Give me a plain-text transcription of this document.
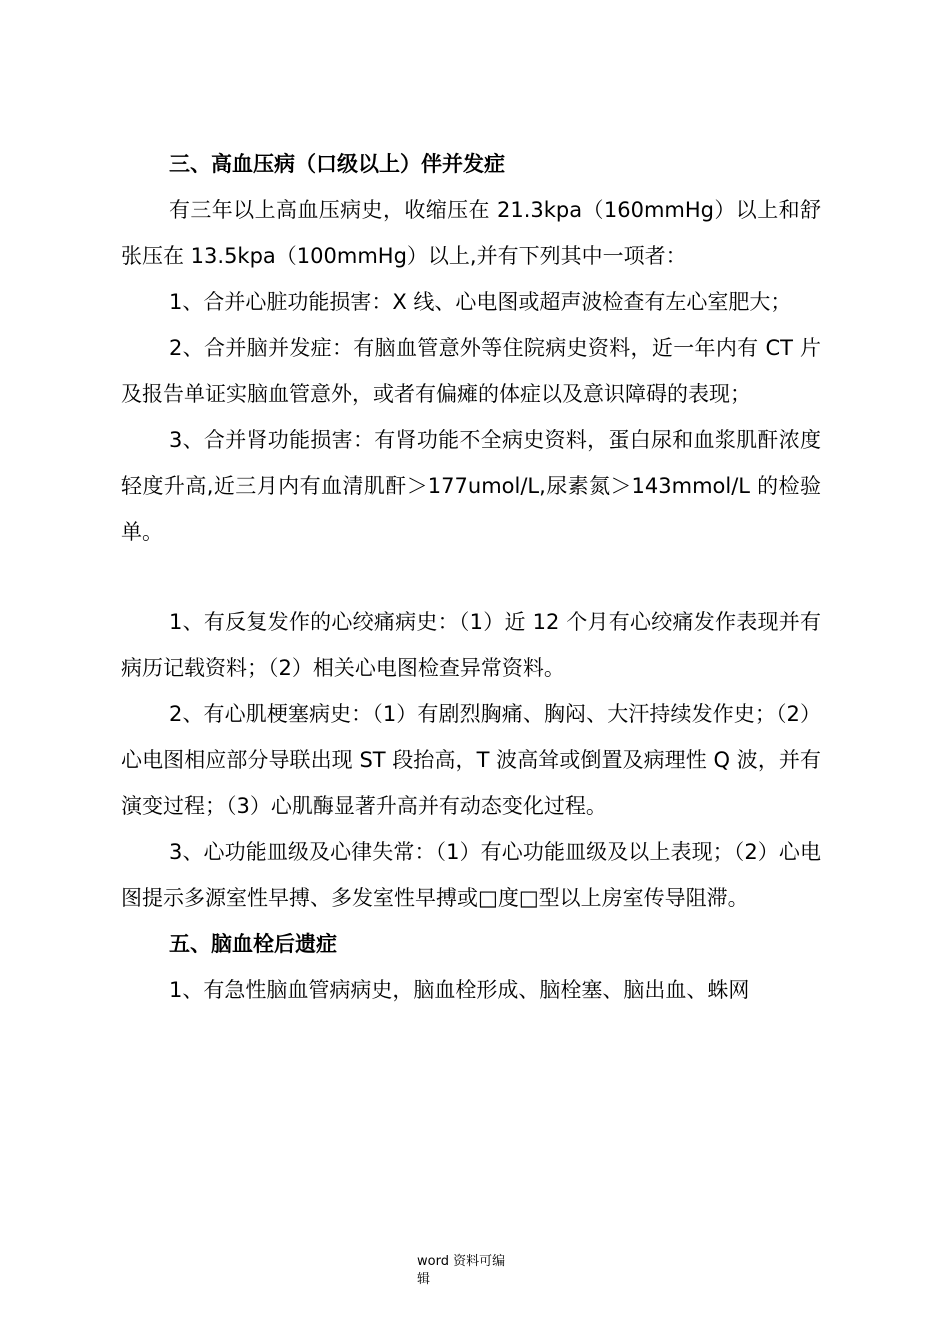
三、高血压病（口级以上）伴并发症

有三年以上高血压病史，收缩压在 21.3kpa（160mmHg）以上和舒张压在 13.5kpa（100mmHg）以上,并有下列其中一项者：

1、合并心脏功能损害：X 线、心电图或超声波检查有左心室肥大；

2、合并脑并发症：有脑血管意外等住院病史资料，近一年内有 CT 片及报告单证实脑血管意外，或者有偏瘫的体症以及意识障碍的表现；

3、合并肾功能损害：有肾功能不全病史资料，蛋白尿和血浆肌酐浓度轻度升高,近三月内有血清肌酐＞177umol/L,尿素氮＞143mmol/L 的检验单。

1、有反复发作的心绞痛病史：（1）近 12 个月有心绞痛发作表现并有病历记载资料；（2）相关心电图检查异常资料。

2、有心肌梗塞病史：（1）有剧烈胸痛、胸闷、大汗持续发作史；（2）心电图相应部分导联出现 ST 段抬高，T 波高耸或倒置及病理性 Q 波，并有演变过程；（3）心肌酶显著升高并有动态变化过程。

3、心功能皿级及心律失常：（1）有心功能皿级及以上表现；（2）心电图提示多源室性早搏、多发室性早搏或□度□型以上房室传导阻滞。

五、脑血栓后遗症

1、有急性脑血管病病史，脑血栓形成、脑栓塞、脑出血、蛛网

word 资料可编辑
